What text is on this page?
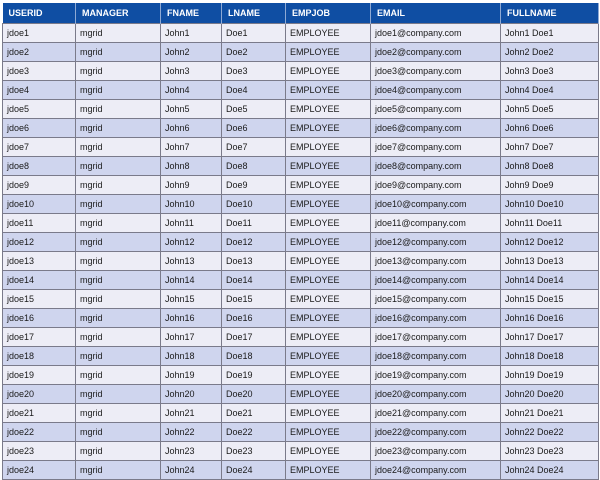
USERID	MANAGER	FNAME	LNAME	EMPJOB	EMAIL	FULLNAME
jdoe1	mgrid	John1	Doe1	EMPLOYEE	jdoe1@company.com	John1 Doe1
jdoe2	mgrid	John2	Doe2	EMPLOYEE	jdoe2@company.com	John2 Doe2
jdoe3	mgrid	John3	Doe3	EMPLOYEE	jdoe3@company.com	John3 Doe3
jdoe4	mgrid	John4	Doe4	EMPLOYEE	jdoe4@company.com	John4 Doe4
jdoe5	mgrid	John5	Doe5	EMPLOYEE	jdoe5@company.com	John5 Doe5
jdoe6	mgrid	John6	Doe6	EMPLOYEE	jdoe6@company.com	John6 Doe6
jdoe7	mgrid	John7	Doe7	EMPLOYEE	jdoe7@company.com	John7 Doe7
jdoe8	mgrid	John8	Doe8	EMPLOYEE	jdoe8@company.com	John8 Doe8
jdoe9	mgrid	John9	Doe9	EMPLOYEE	jdoe9@company.com	John9 Doe9
jdoe10	mgrid	John10	Doe10	EMPLOYEE	jdoe10@company.com	John10 Doe10
jdoe11	mgrid	John11	Doe11	EMPLOYEE	jdoe11@company.com	John11 Doe11
jdoe12	mgrid	John12	Doe12	EMPLOYEE	jdoe12@company.com	John12 Doe12
jdoe13	mgrid	John13	Doe13	EMPLOYEE	jdoe13@company.com	John13 Doe13
jdoe14	mgrid	John14	Doe14	EMPLOYEE	jdoe14@company.com	John14 Doe14
jdoe15	mgrid	John15	Doe15	EMPLOYEE	jdoe15@company.com	John15 Doe15
jdoe16	mgrid	John16	Doe16	EMPLOYEE	jdoe16@company.com	John16 Doe16
jdoe17	mgrid	John17	Doe17	EMPLOYEE	jdoe17@company.com	John17 Doe17
jdoe18	mgrid	John18	Doe18	EMPLOYEE	jdoe18@company.com	John18 Doe18
jdoe19	mgrid	John19	Doe19	EMPLOYEE	jdoe19@company.com	John19 Doe19
jdoe20	mgrid	John20	Doe20	EMPLOYEE	jdoe20@company.com	John20 Doe20
jdoe21	mgrid	John21	Doe21	EMPLOYEE	jdoe21@company.com	John21 Doe21
jdoe22	mgrid	John22	Doe22	EMPLOYEE	jdoe22@company.com	John22 Doe22
jdoe23	mgrid	John23	Doe23	EMPLOYEE	jdoe23@company.com	John23 Doe23
jdoe24	mgrid	John24	Doe24	EMPLOYEE	jdoe24@company.com	John24 Doe24
